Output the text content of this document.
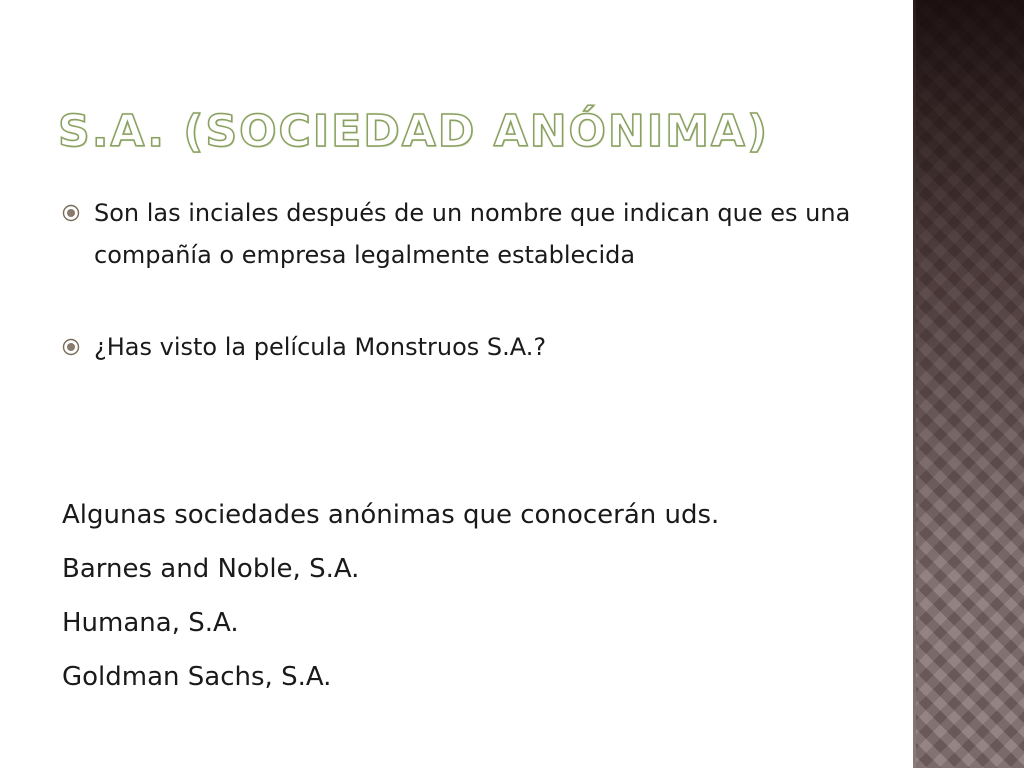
S.A. (SOCIEDAD ANÓNIMA)
Son las inciales después de un nombre que indican que es una compañía o empresa legalmente establecida
¿Has visto la película Monstruos S.A.?
Algunas sociedades anónimas que conocerán uds.
Barnes and Noble, S.A.
Humana, S.A.
Goldman Sachs, S.A.
